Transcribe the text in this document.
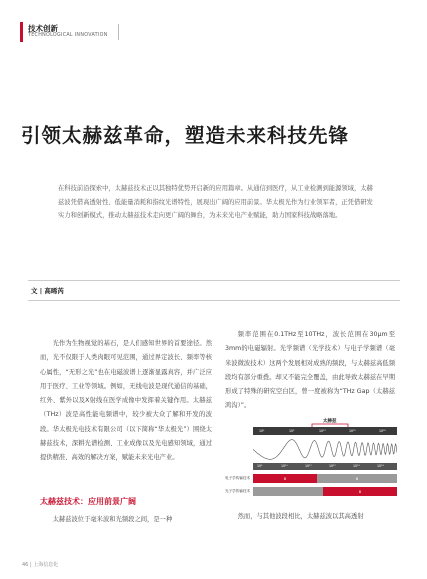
技术创新
TECHNOLOGICAL INNOVATION
引领太赫兹革命，塑造未来科技先锋
在科技前沿探索中，太赫兹技术正以其独特优势开启新的应用篇章。从通信到医疗，从工业检测到能源领域，太赫兹波凭借高透射性、低能量消耗和指纹光谱特性，展现出广阔的应用前景。华太极光作为行业领军者，正凭借研发实力和创新模式，推动太赫兹技术走向更广阔的舞台，为未来光电产业赋能，助力国家科技战略落地。
文 | 高晞芮

光作为生物视觉的基石，是人们感知世界的首要途径。然而，光不仅限于人类肉眼可见范围，通过界定波长、频率等核心属性，“无形之光”也在电磁波谱上逐渐显露真容，并广泛应用于医疗、工业等领域。例如，无线电波是现代通信的基础，红外、紫外以及X射线在医学成像中发挥着关键作用。太赫兹（THz）波是高性能电频谱中，较少被大众了解和开发的波段。华太极光电技术有限公司（以下简称“华太极光”）围绕太赫兹技术，深耕光谱检测、工业成像以及光电感知领域，通过提供精准、高效的解决方案，赋能未来光电产业。

太赫兹技术：应用前景广阔

太赫兹波位于毫米波和光频段之间，是一种

频率范围在0.1THz至10THz，波长范围在30μm至3mm的电磁辐射。光学频谱（光学技术）与电子学频谱（毫米波微波技术）这两个发展相对成熟的频段，与太赫兹高低频段均有部分重叠。却又不能完全覆盖，由此导致太赫兹在早期形成了特殊的研究空白区，曾一度被称为“THz Gap（太赫兹鸿沟）”。

太赫兹
10⁶	10⁹	10¹²	10¹⁵	10¹⁸
10⁹	10¹⁰	10¹¹	10¹²	10¹³	10¹⁴
电子学传输技术	8	8
光子学传输技术	8

然而，与其他波段相比，太赫兹波以其高透射

46 | 上海信息化
